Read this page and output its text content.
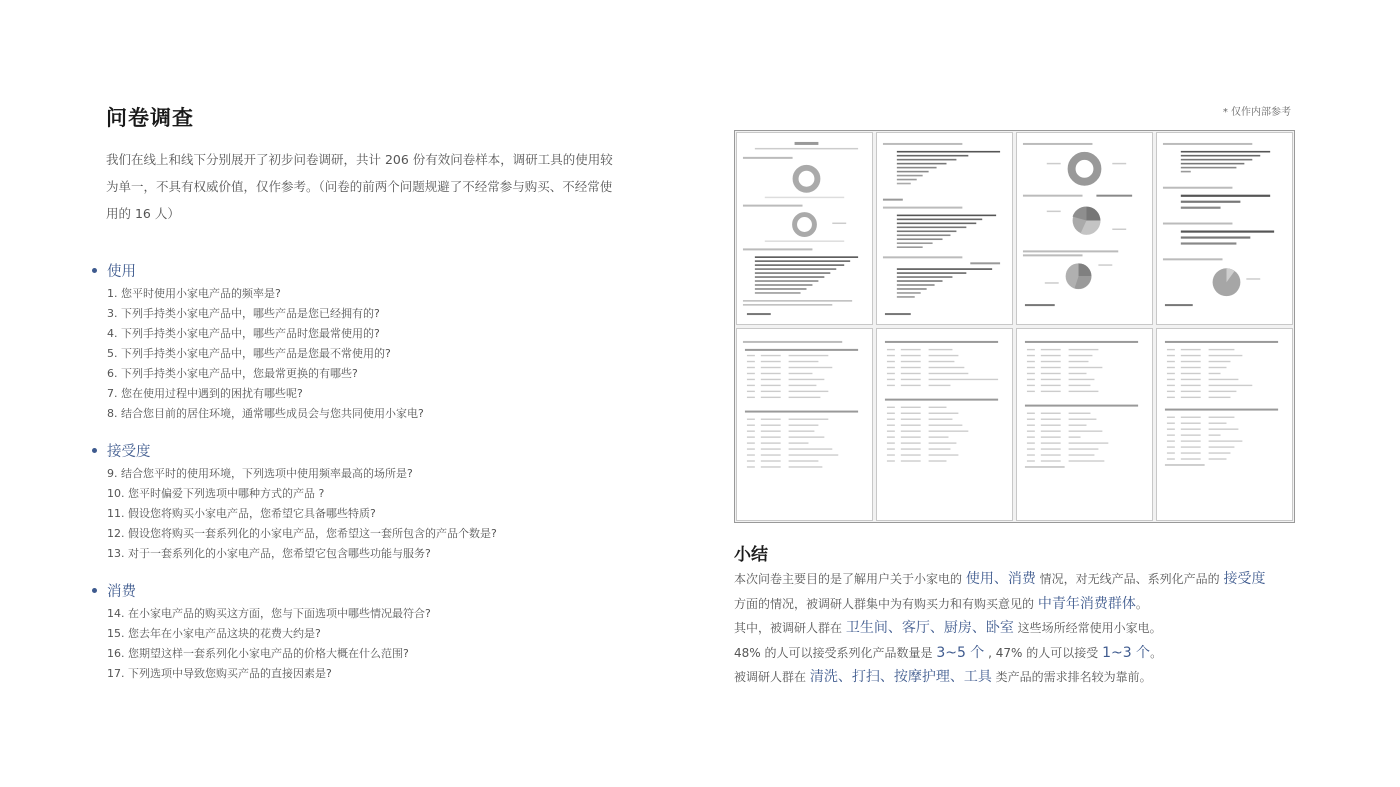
问卷调查
我们在线上和线下分别展开了初步问卷调研，共计 206 份有效问卷样本，调研工具的使用较为单一，不具有权威价值，仅作参考。（问卷的前两个问题规避了不经常参与购买、不经常使用的 16 人）
使用
1. 您平时使用小家电产品的频率是?
3. 下列手持类小家电产品中，哪些产品是您已经拥有的?
4. 下列手持类小家电产品中，哪些产品时您最常使用的?
5. 下列手持类小家电产品中，哪些产品是您最不常使用的?
6. 下列手持类小家电产品中，您最常更换的有哪些?
7. 您在使用过程中遇到的困扰有哪些呢?
8. 结合您目前的居住环境，通常哪些成员会与您共同使用小家电?
接受度
9. 结合您平时的使用环境，下列选项中使用频率最高的场所是?
10. 您平时偏爱下列选项中哪种方式的产品 ?
11. 假设您将购买小家电产品，您希望它具备哪些特质?
12. 假设您将购买一套系列化的小家电产品，您希望这一套所包含的产品个数是?
13. 对于一套系列化的小家电产品，您希望它包含哪些功能与服务?
消费
14. 在小家电产品的购买这方面，您与下面选项中哪些情况最符合?
15. 您去年在小家电产品这块的花费大约是?
16. 您期望这样一套系列化小家电产品的价格大概在什么范围?
17. 下列选项中导致您购买产品的直接因素是?
* 仅作内部参考
小结
本次问卷主要目的是了解用户关于小家电的 使用、消费 情况，对无线产品、系列化产品的 接受度
方面的情况，被调研人群集中为有购买力和有购买意见的 中青年消费群体。
其中，被调研人群在 卫生间、客厅、厨房、卧室 这些场所经常使用小家电。
48% 的人可以接受系列化产品数量是 3~5 个 , 47% 的人可以接受 1~3 个。
被调研人群在 清洗、打扫、按摩护理、工具 类产品的需求排名较为靠前。
